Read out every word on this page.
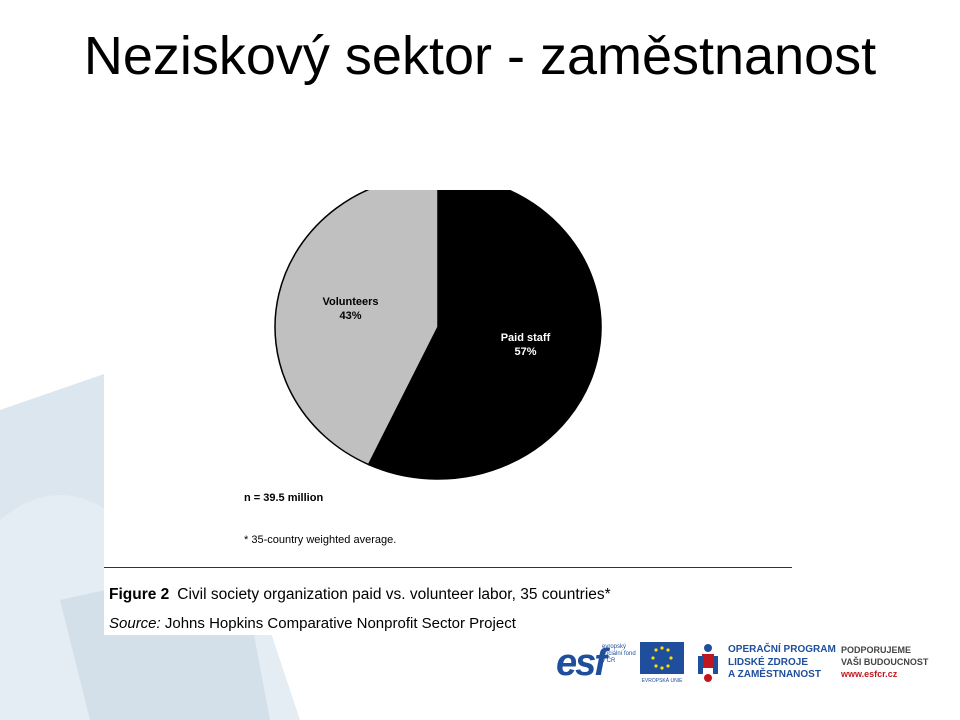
Neziskový sektor - zaměstnanost
Paid staff
57%
Volunteers
43%
n = 39.5 million
* 35-country weighted average.
Figure 2 Civil society organization paid vs. volunteer labor, 35 countries*
Source: Johns Hopkins Comparative Nonprofit Sector Project
esf
evropský sociální fond v ČR
EVROPSKÁ UNIE
OPERAČNÍ PROGRAM
LIDSKÉ ZDROJE
A ZAMĚSTNANOST
PODPORUJEME
VAŠI BUDOUCNOST
www.esfcr.cz
